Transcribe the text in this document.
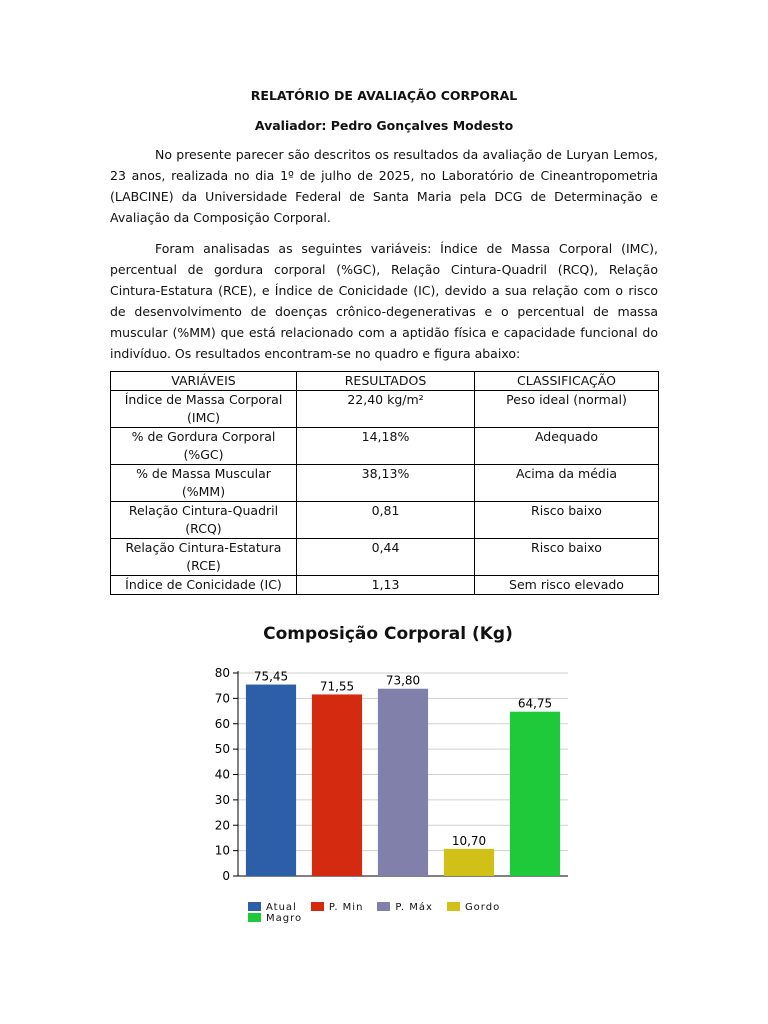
RELATÓRIO DE AVALIAÇÃO CORPORAL

Avaliador: Pedro Gonçalves Modesto

No presente parecer são descritos os resultados da avaliação de Luryan Lemos, 23 anos, realizada no dia 1º de julho de 2025, no Laboratório de Cineantropometria (LABCINE) da Universidade Federal de Santa Maria pela DCG de Determinação e Avaliação da Composição Corporal.

Foram analisadas as seguintes variáveis: Índice de Massa Corporal (IMC), percentual de gordura corporal (%GC), Relação Cintura-Quadril (RCQ), Relação Cintura-Estatura (RCE), e Índice de Conicidade (IC), devido a sua relação com o risco de desenvolvimento de doenças crônico-degenerativas e o percentual de massa muscular (%MM) que está relacionado com a aptidão física e capacidade funcional do indivíduo. Os resultados encontram-se no quadro e figura abaixo:

VARIÁVEIS	RESULTADOS	CLASSIFICAÇÃO
Índice de Massa Corporal (IMC)	22,40 kg/m²	Peso ideal (normal)
% de Gordura Corporal (%GC)	14,18%	Adequado
% de Massa Muscular (%MM)	38,13%	Acima da média
Relação Cintura-Quadril (RCQ)	0,81	Risco baixo
Relação Cintura-Estatura (RCE)	0,44	Risco baixo
Índice de Conicidade (IC)	1,13	Sem risco elevado
Composição Corporal (Kg)
0
10
20
30
40
50
60
70
80 75,45
71,55	73,80
10,70
64,75
Atual	P. Min	P. Máx	GordoMagro
